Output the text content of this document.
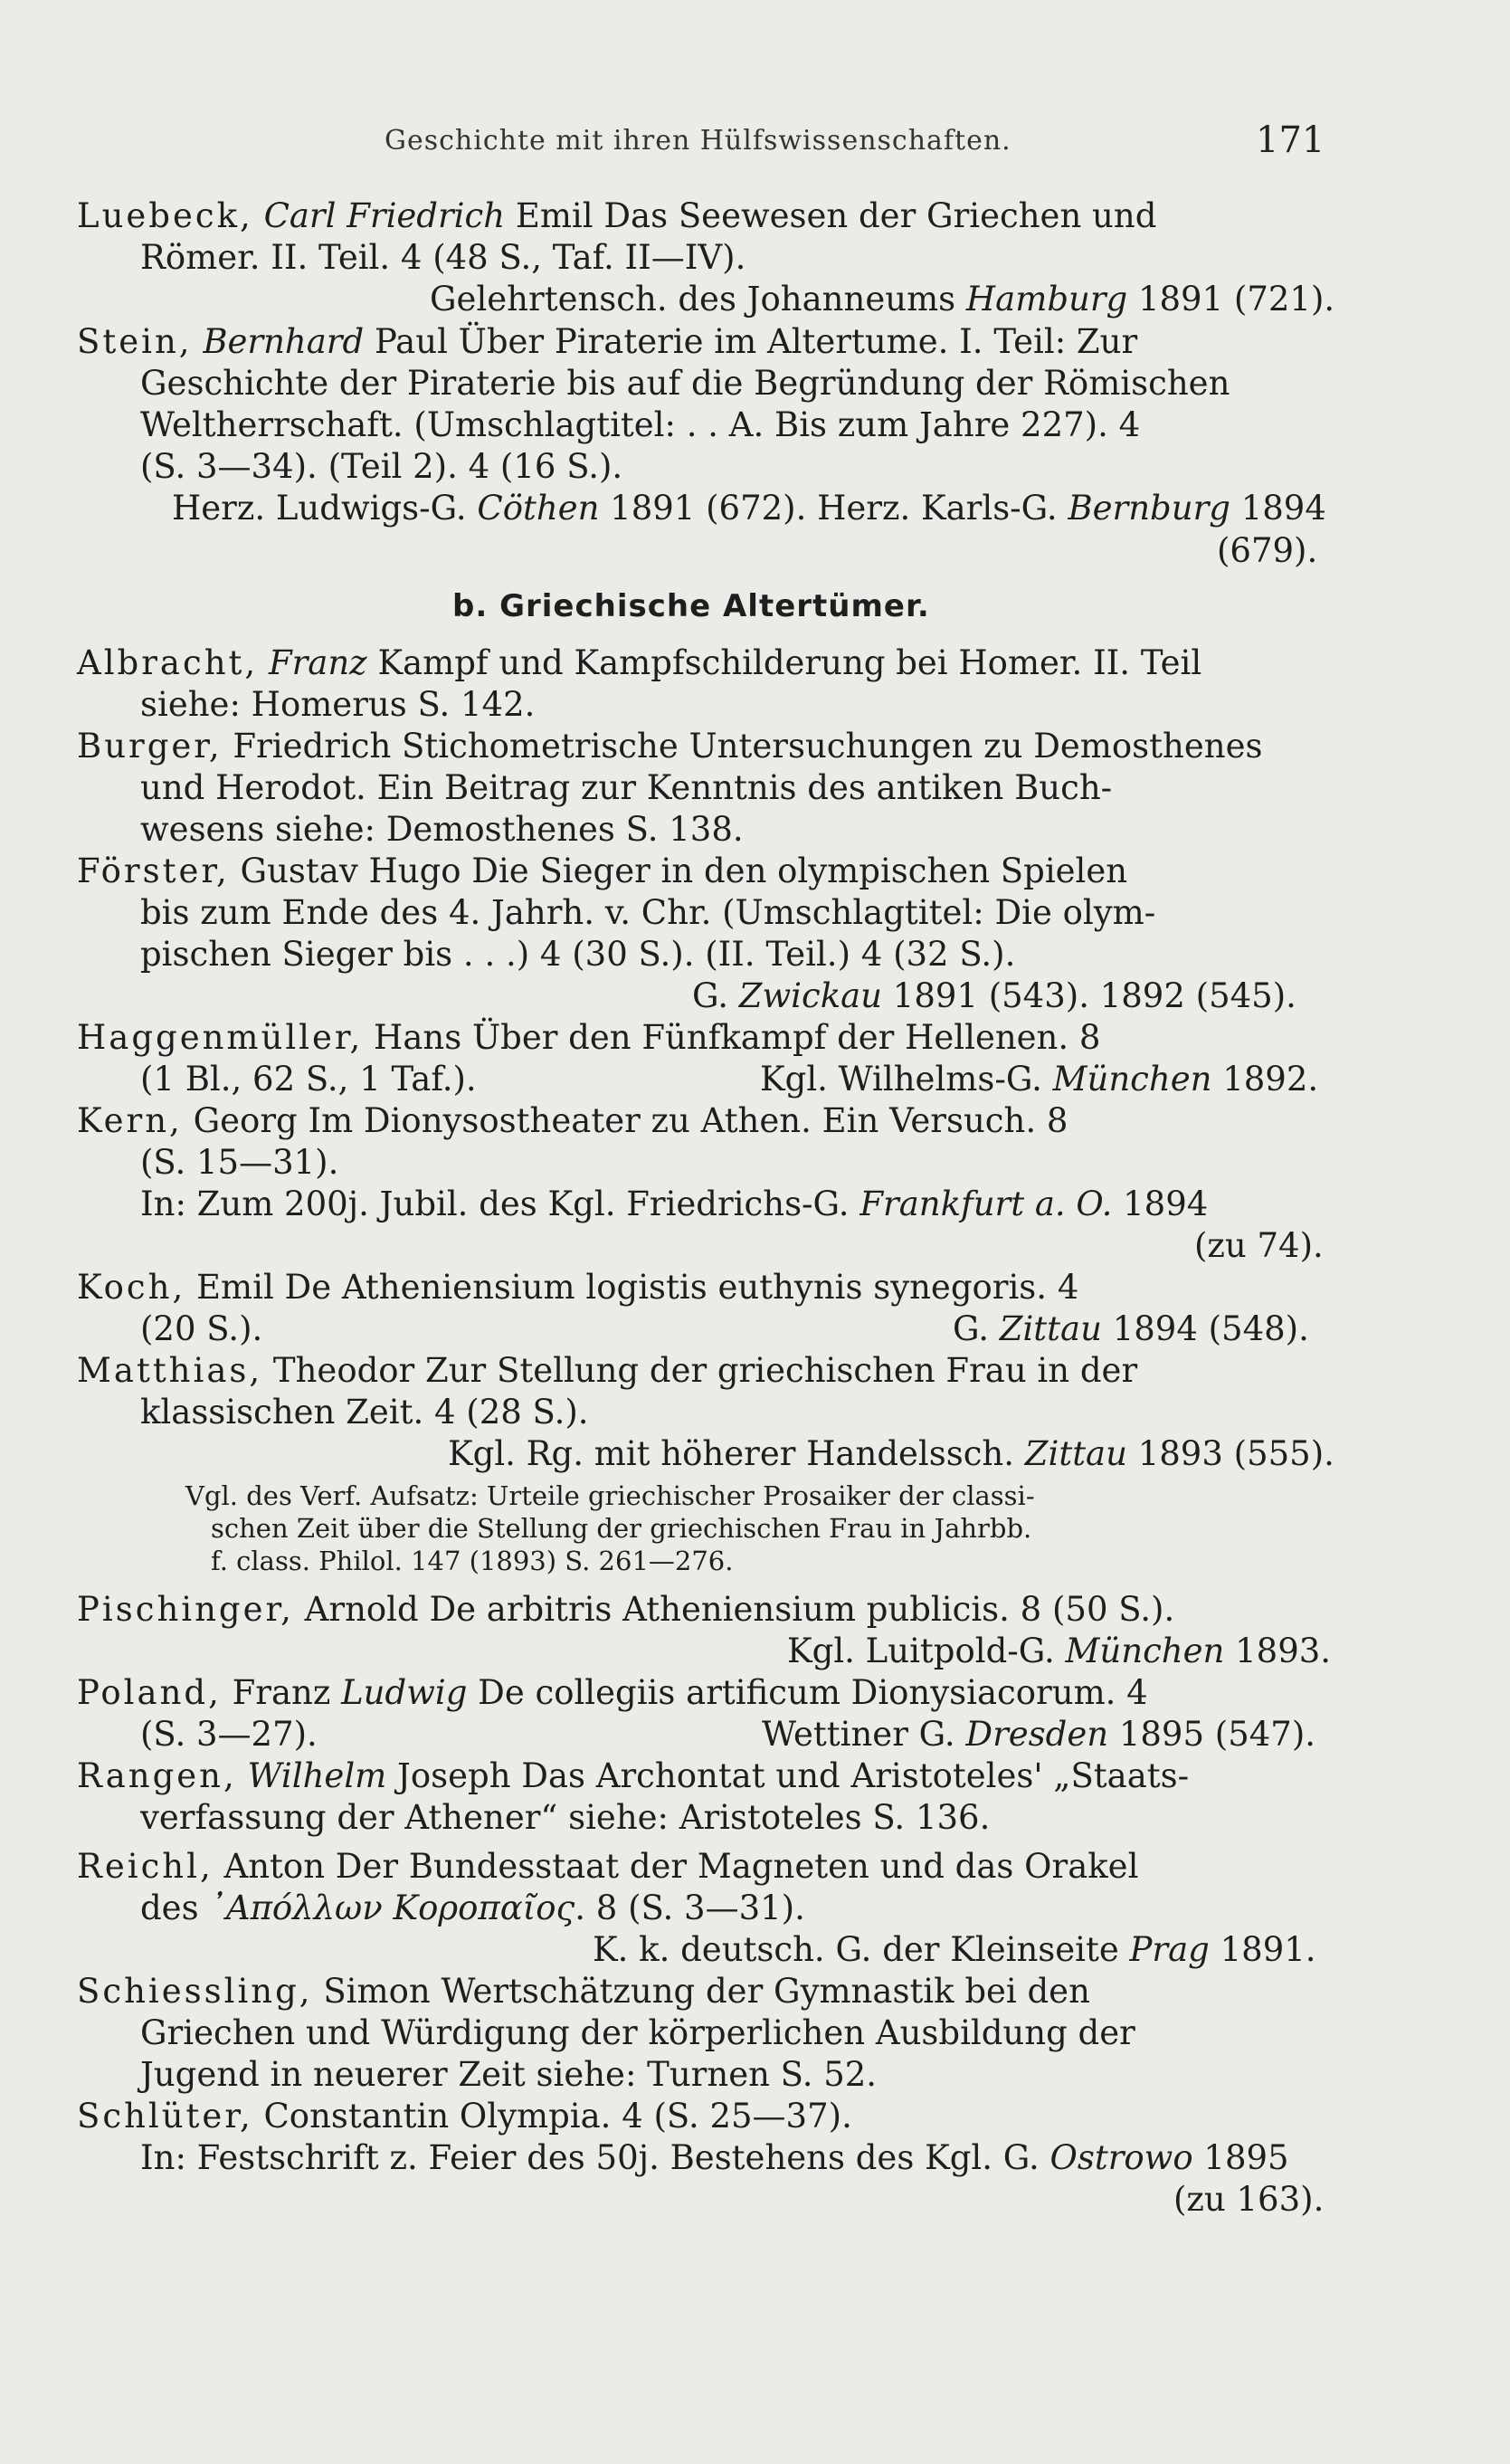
Geschichte mit ihren Hülfswissenschaften.	171
b. Griechische Altertümer.
Luebeck, Carl Friedrich Emil Das Seewesen der Griechen und
Römer. II. Teil. 4 (48 S., Taf. II—IV).
Gelehrtensch. des Johanneums Hamburg 1891 (721).
Stein, Bernhard Paul Über Piraterie im Altertume. I. Teil: Zur
Geschichte der Piraterie bis auf die Begründung der Römischen
Weltherrschaft. (Umschlagtitel: . . A. Bis zum Jahre 227). 4
(S. 3—34). (Teil 2). 4 (16 S.).
Herz. Ludwigs-G. Cöthen 1891 (672). Herz. Karls-G. Bernburg 1894
(679).
Albracht, Franz Kampf und Kampfschilderung bei Homer. II. Teil
siehe: Homerus S. 142.
Burger, Friedrich Stichometrische Untersuchungen zu Demosthenes
und Herodot. Ein Beitrag zur Kenntnis des antiken Buch-
wesens siehe: Demosthenes S. 138.
Förster, Gustav Hugo Die Sieger in den olympischen Spielen
bis zum Ende des 4. Jahrh. v. Chr. (Umschlagtitel: Die olym-
pischen Sieger bis . . .) 4 (30 S.). (II. Teil.) 4 (32 S.).
G. Zwickau 1891 (543). 1892 (545).
Haggenmüller, Hans Über den Fünfkampf der Hellenen. 8
(1 Bl., 62 S., 1 Taf.).	Kgl. Wilhelms-G. München 1892.
Kern, Georg Im Dionysostheater zu Athen. Ein Versuch. 8
(S. 15—31).
In: Zum 200j. Jubil. des Kgl. Friedrichs-G. Frankfurt a. O. 1894
(zu 74).
Koch, Emil De Atheniensium logistis euthynis synegoris. 4
(20 S.).	G. Zittau 1894 (548).
Matthias, Theodor Zur Stellung der griechischen Frau in der
klassischen Zeit. 4 (28 S.).
Kgl. Rg. mit höherer Handelssch. Zittau 1893 (555).
Vgl. des Verf. Aufsatz: Urteile griechischer Prosaiker der classi-
schen Zeit über die Stellung der griechischen Frau in Jahrbb.
f. class. Philol. 147 (1893) S. 261—276.
Pischinger, Arnold De arbitris Atheniensium publicis. 8 (50 S.).
Kgl. Luitpold-G. München 1893.
Poland, Franz Ludwig De collegiis artificum Dionysiacorum. 4
(S. 3—27).	Wettiner G. Dresden 1895 (547).
Rangen, Wilhelm Joseph Das Archontat und Aristoteles' „Staats-
verfassung der Athener“ siehe: Aristoteles S. 136.
Reichl, Anton Der Bundesstaat der Magneten und das Orakel
des ᾿Απόλλων Κοροπαῖος. 8 (S. 3—31).
K. k. deutsch. G. der Kleinseite Prag 1891.
Schiessling, Simon Wertschätzung der Gymnastik bei den
Griechen und Würdigung der körperlichen Ausbildung der
Jugend in neuerer Zeit siehe: Turnen S. 52.
Schlüter, Constantin Olympia. 4 (S. 25—37).
In: Festschrift z. Feier des 50j. Bestehens des Kgl. G. Ostrowo 1895
(zu 163).
